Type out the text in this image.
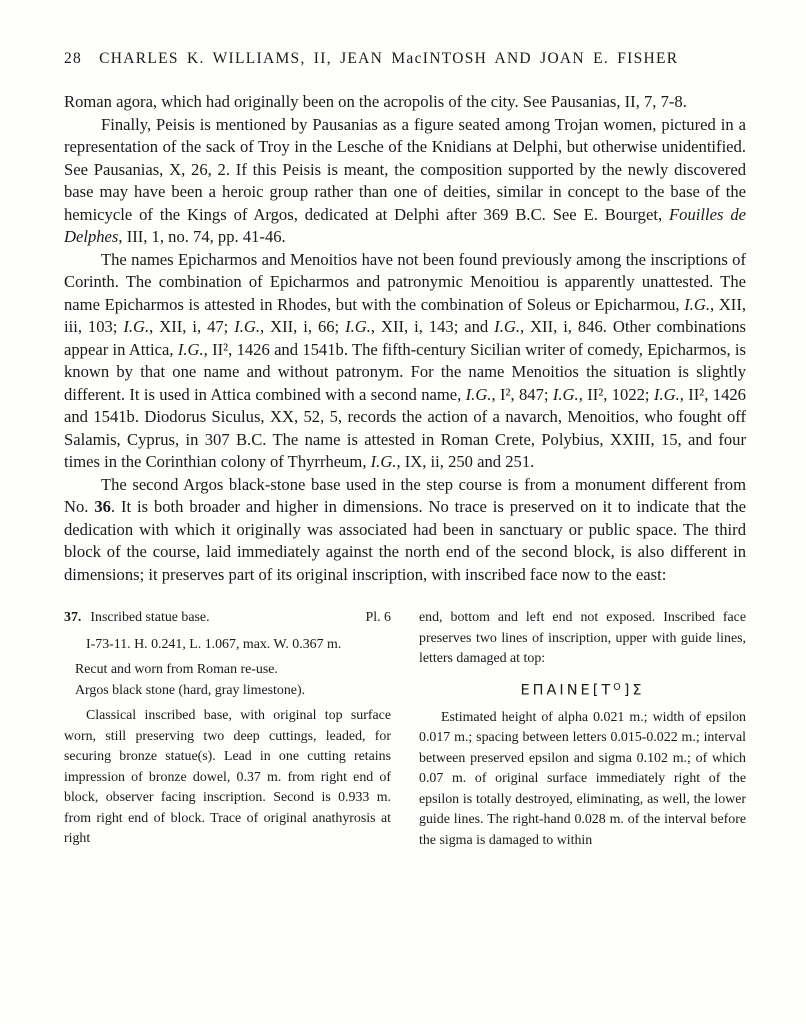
28 CHARLES K. WILLIAMS, II, JEAN MacINTOSH AND JOAN E. FISHER

Roman agora, which had originally been on the acropolis of the city. See Pausanias, II, 7, 7-8.

Finally, Peisis is mentioned by Pausanias as a figure seated among Trojan women, pictured in a representation of the sack of Troy in the Lesche of the Knidians at Delphi, but otherwise unidentified. See Pausanias, X, 26, 2. If this Peisis is meant, the composition supported by the newly discovered base may have been a heroic group rather than one of deities, similar in concept to the base of the hemicycle of the Kings of Argos, dedicated at Delphi after 369 B.C. See E. Bourget, Fouilles de Delphes, III, 1, no. 74, pp. 41-46.

The names Epicharmos and Menoitios have not been found previously among the inscriptions of Corinth. The combination of Epicharmos and patronymic Menoitiou is apparently unattested. The name Epicharmos is attested in Rhodes, but with the combination of Soleus or Epicharmou, I.G., XII, iii, 103; I.G., XII, i, 47; I.G., XII, i, 66; I.G., XII, i, 143; and I.G., XII, i, 846. Other combinations appear in Attica, I.G., II², 1426 and 1541b. The fifth-century Sicilian writer of comedy, Epicharmos, is known by that one name and without patronym. For the name Menoitios the situation is slightly different. It is used in Attica combined with a second name, I.G., I², 847; I.G., II², 1022; I.G., II², 1426 and 1541b. Diodorus Siculus, XX, 52, 5, records the action of a navarch, Menoitios, who fought off Salamis, Cyprus, in 307 B.C. The name is attested in Roman Crete, Polybius, XXIII, 15, and four times in the Corinthian colony of Thyrrheum, I.G., IX, ii, 250 and 251.

The second Argos black-stone base used in the step course is from a monument different from No. 36. It is both broader and higher in dimensions. No trace is preserved on it to indicate that the dedication with which it originally was associated had been in sanctuary or public space. The third block of the course, laid immediately against the north end of the second block, is also different in dimensions; it preserves part of its original inscription, with inscribed face now to the east:

37. Inscribed statue base.	Pl. 6

I-73-11. H. 0.241, L. 1.067, max. W. 0.367 m.

Recut and worn from Roman re-use.

Argos black stone (hard, gray limestone).

Classical inscribed base, with original top surface worn, still preserving two deep cuttings, leaded, for securing bronze statue(s). Lead in one cutting retains impression of bronze dowel, 0.37 m. from right end of block, observer facing inscription. Second is 0.933 m. from right end of block. Trace of original anathyrosis at right

end, bottom and left end not exposed. Inscribed face preserves two lines of inscription, upper with guide lines, letters damaged at top:

$E\Pi AINE[T^O]\Sigma$

Estimated height of alpha 0.021 m.; width of epsilon 0.017 m.; spacing between letters 0.015-0.022 m.; interval between preserved epsilon and sigma 0.102 m.; of which 0.07 m. of original surface immediately right of the epsilon is totally destroyed, eliminating, as well, the lower guide lines. The right-hand 0.028 m. of the interval before the sigma is damaged to within
